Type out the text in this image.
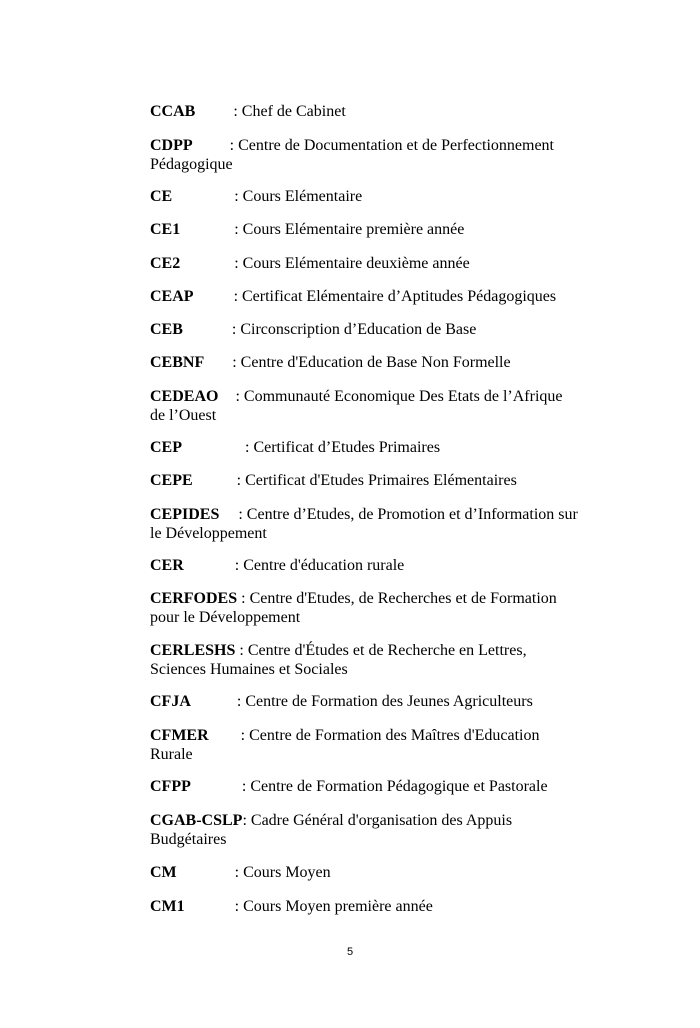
CCAB : Chef de Cabinet
CDPP : Centre de Documentation et de Perfectionnement Pédagogique
CE	: Cours Elémentaire
CE1	: Cours Elémentaire première année
CE2	: Cours Elémentaire deuxième année
CEAP	: Certificat Elémentaire d’Aptitudes Pédagogiques
CEB	: Circonscription d’Education de Base
CEBNF : Centre d'Education de Base Non Formelle
CEDEAO : Communauté Economique Des Etats de l’Afrique de l’Ouest
CEP	: Certificat d’Etudes Primaires
CEPE	: Certificat d'Etudes Primaires Elémentaires
CEPIDES : Centre d’Etudes, de Promotion et d’Information sur le Développement
CER	: Centre d'éducation rurale
CERFODES : Centre d'Etudes, de Recherches et de Formation pour le Développement
CERLESHS : Centre d'Études et de Recherche en Lettres, Sciences Humaines et Sociales
CFJA	: Centre de Formation des Jeunes Agriculteurs
CFMER : Centre de Formation des Maîtres d'Education Rurale
CFPP	: Centre de Formation Pédagogique et Pastorale
CGAB-CSLP: Cadre Général d'organisation des Appuis Budgétaires
CM	: Cours Moyen
CM1	: Cours Moyen première année
5
